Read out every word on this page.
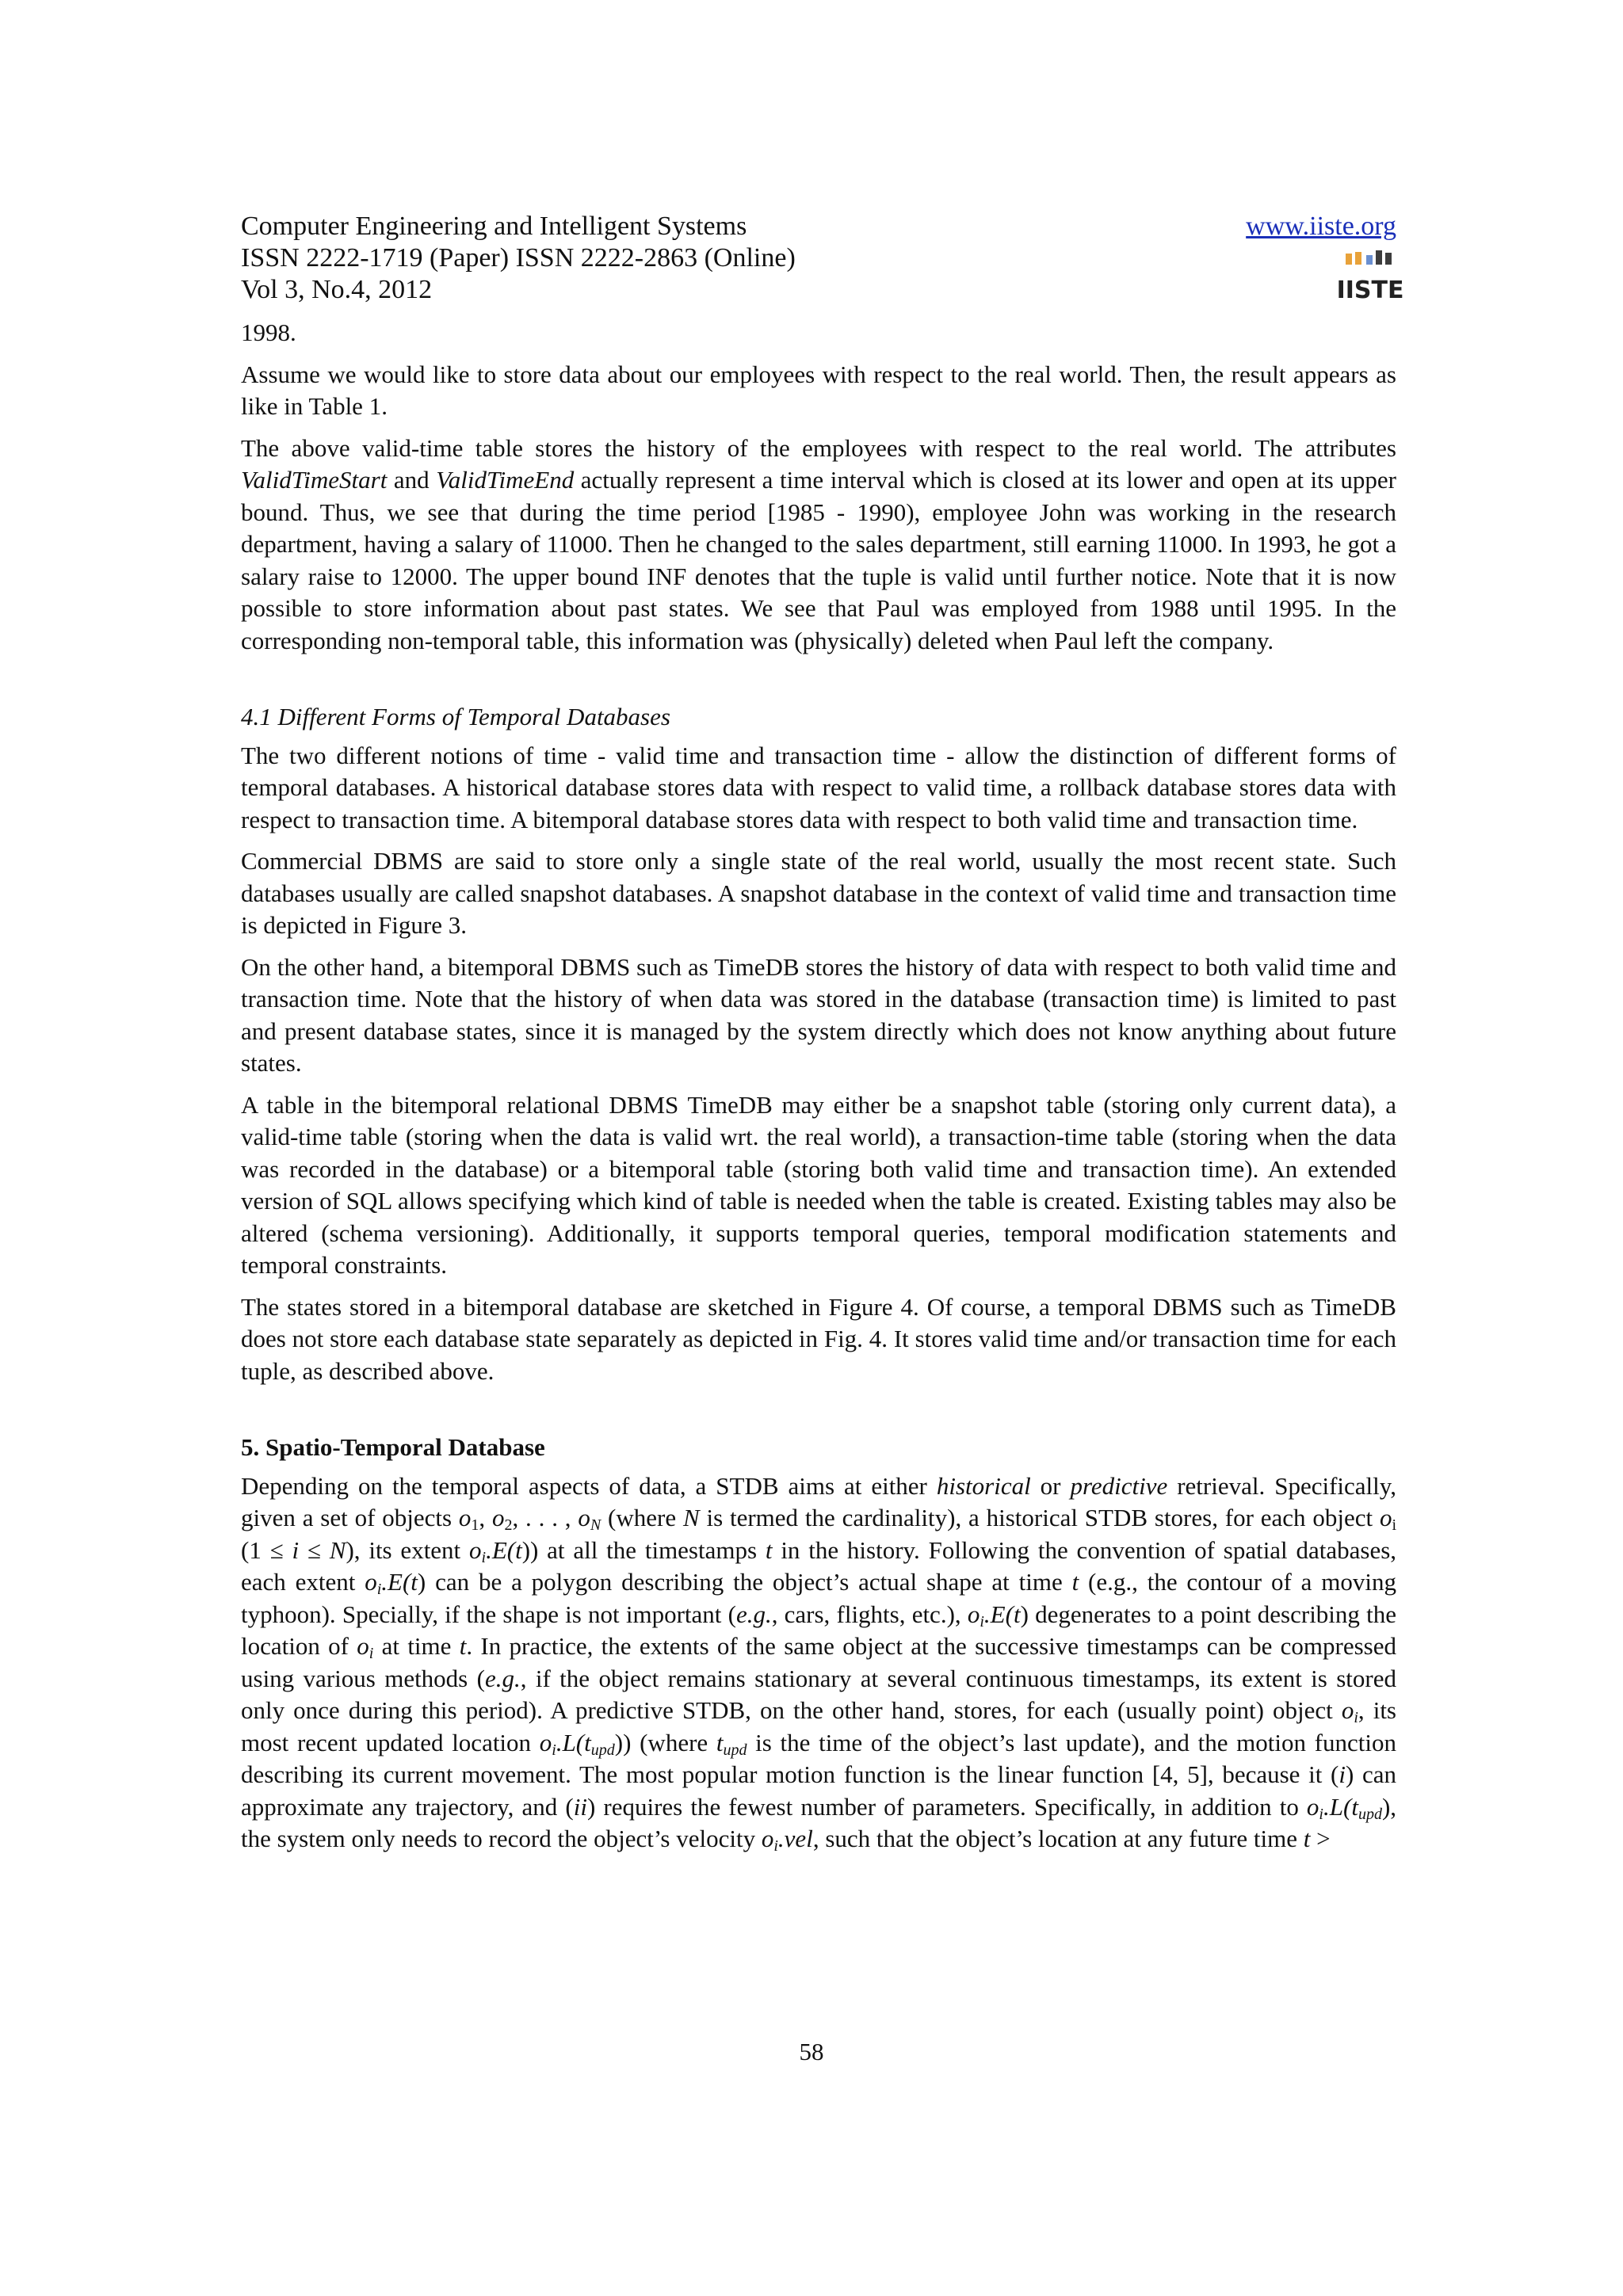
Computer Engineering and Intelligent Systems
ISSN 2222-1719 (Paper) ISSN 2222-2863 (Online)
Vol 3, No.4, 2012
www.iiste.org
IISTE

1998.

Assume we would like to store data about our employees with respect to the real world. Then, the result appears as like in Table 1.

The above valid-time table stores the history of the employees with respect to the real world. The attributes ValidTimeStart and ValidTimeEnd actually represent a time interval which is closed at its lower and open at its upper bound. Thus, we see that during the time period [1985 - 1990), employee John was working in the research department, having a salary of 11000. Then he changed to the sales department, still earning 11000. In 1993, he got a salary raise to 12000. The upper bound INF denotes that the tuple is valid until further notice. Note that it is now possible to store information about past states. We see that Paul was employed from 1988 until 1995. In the corresponding non-temporal table, this information was (physically) deleted when Paul left the company.

4.1 Different Forms of Temporal Databases

The two different notions of time - valid time and transaction time - allow the distinction of different forms of temporal databases. A historical database stores data with respect to valid time, a rollback database stores data with respect to transaction time. A bitemporal database stores data with respect to both valid time and transaction time.

Commercial DBMS are said to store only a single state of the real world, usually the most recent state. Such databases usually are called snapshot databases. A snapshot database in the context of valid time and transaction time is depicted in Figure 3.

On the other hand, a bitemporal DBMS such as TimeDB stores the history of data with respect to both valid time and transaction time. Note that the history of when data was stored in the database (transaction time) is limited to past and present database states, since it is managed by the system directly which does not know anything about future states.

A table in the bitemporal relational DBMS TimeDB may either be a snapshot table (storing only current data), a valid-time table (storing when the data is valid wrt. the real world), a transaction-time table (storing when the data was recorded in the database) or a bitemporal table (storing both valid time and transaction time). An extended version of SQL allows specifying which kind of table is needed when the table is created. Existing tables may also be altered (schema versioning). Additionally, it supports temporal queries, temporal modification statements and temporal constraints.

The states stored in a bitemporal database are sketched in Figure 4. Of course, a temporal DBMS such as TimeDB does not store each database state separately as depicted in Fig. 4. It stores valid time and/or transaction time for each tuple, as described above.

5. Spatio-Temporal Database

Depending on the temporal aspects of data, a STDB aims at either historical or predictive retrieval. Specifically, given a set of objects $o_1$, $o_2$, . . . , $o_N$ (where N is termed the cardinality), a historical STDB stores, for each object $o_i$ (1 ≤ i ≤ N), its extent $o_i.E(t)$) at all the timestamps t in the history. Following the convention of spatial databases, each extent $o_i.E(t)$ can be a polygon describing the object’s actual shape at time t (e.g., the contour of a moving typhoon). Specially, if the shape is not important (e.g., cars, flights, etc.), $o_i.E(t)$ degenerates to a point describing the location of $o_i$ at time t. In practice, the extents of the same object at the successive timestamps can be compressed using various methods (e.g., if the object remains stationary at several continuous timestamps, its extent is stored only once during this period). A predictive STDB, on the other hand, stores, for each (usually point) object $o_i$, its most recent updated location $o_i.L(t_{upd})$) (where $t_{upd}$ is the time of the object’s last update), and the motion function describing its current movement. The most popular motion function is the linear function [4, 5], because it (i) can approximate any trajectory, and (ii) requires the fewest number of parameters. Specifically, in addition to $o_i.L(t_{upd})$, the system only needs to record the object’s velocity $o_i.vel$, such that the object’s location at any future time t >

58
